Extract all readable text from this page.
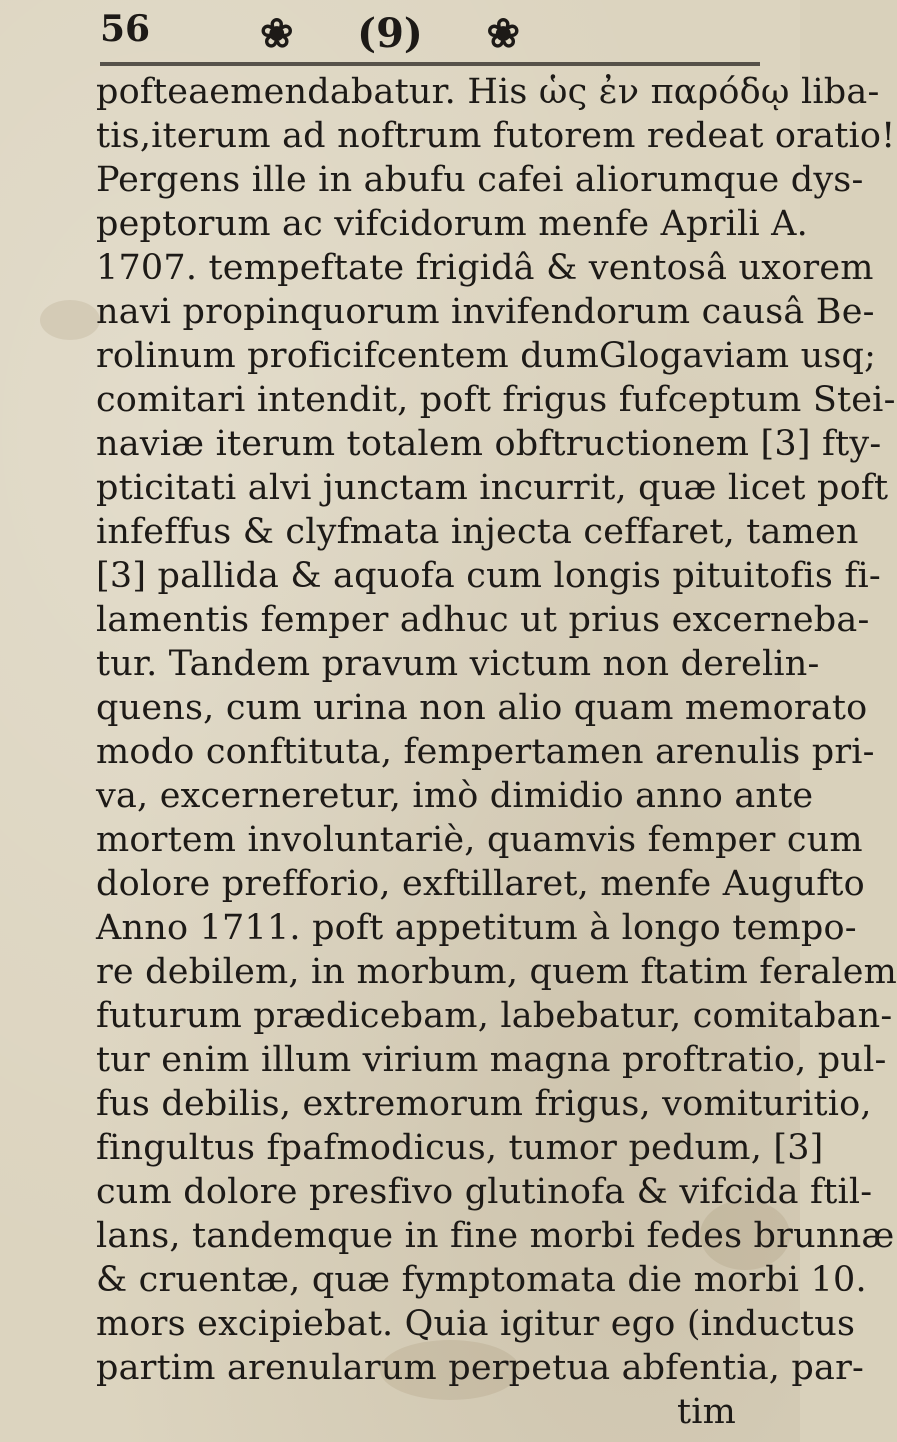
56	❀ (9) ❀
pofteaemendabatur. His ὡς ἐν παρόδῳ liba-
tis,iterum ad noftrum futorem redeat oratio!
Pergens ille in abufu cafei aliorumque dys-
peptorum ac vifcidorum menfe Aprili A.
1707. tempeftate frigidâ & ventosâ uxorem
navi propinquorum invifendorum causâ Be-
rolinum proficifcentem dumGlogaviam usq;
comitari intendit, poft frigus fufceptum Stei-
naviæ iterum totalem obftructionem [3] fty-
pticitati alvi junctam incurrit, quæ licet poft
infeffus & clyfmata injecta ceffaret, tamen
[3] pallida & aquofa cum longis pituitofis fi-
lamentis femper adhuc ut prius excerneba-
tur. Tandem pravum victum non derelin-
quens, cum urina non alio quam memorato
modo conftituta, fempertamen arenulis pri-
va, excerneretur, imò dimidio anno ante
mortem involuntariè, quamvis femper cum
dolore prefforio, exftillaret, menfe Augufto
Anno 1711. poft appetitum à longo tempo-
re debilem, in morbum, quem ftatim feralem
futurum prædicebam, labebatur, comitaban-
tur enim illum virium magna proftratio, pul-
fus debilis, extremorum frigus, vomituritio,
fingultus fpafmodicus, tumor pedum, [3]
cum dolore presfivo glutinofa & vifcida ftil-
lans, tandemque in fine morbi fedes brunnæ
& cruentæ, quæ fymptomata die morbi 10.
mors excipiebat. Quia igitur ego (inductus
partim arenularum perpetua abfentia, par-
tim
